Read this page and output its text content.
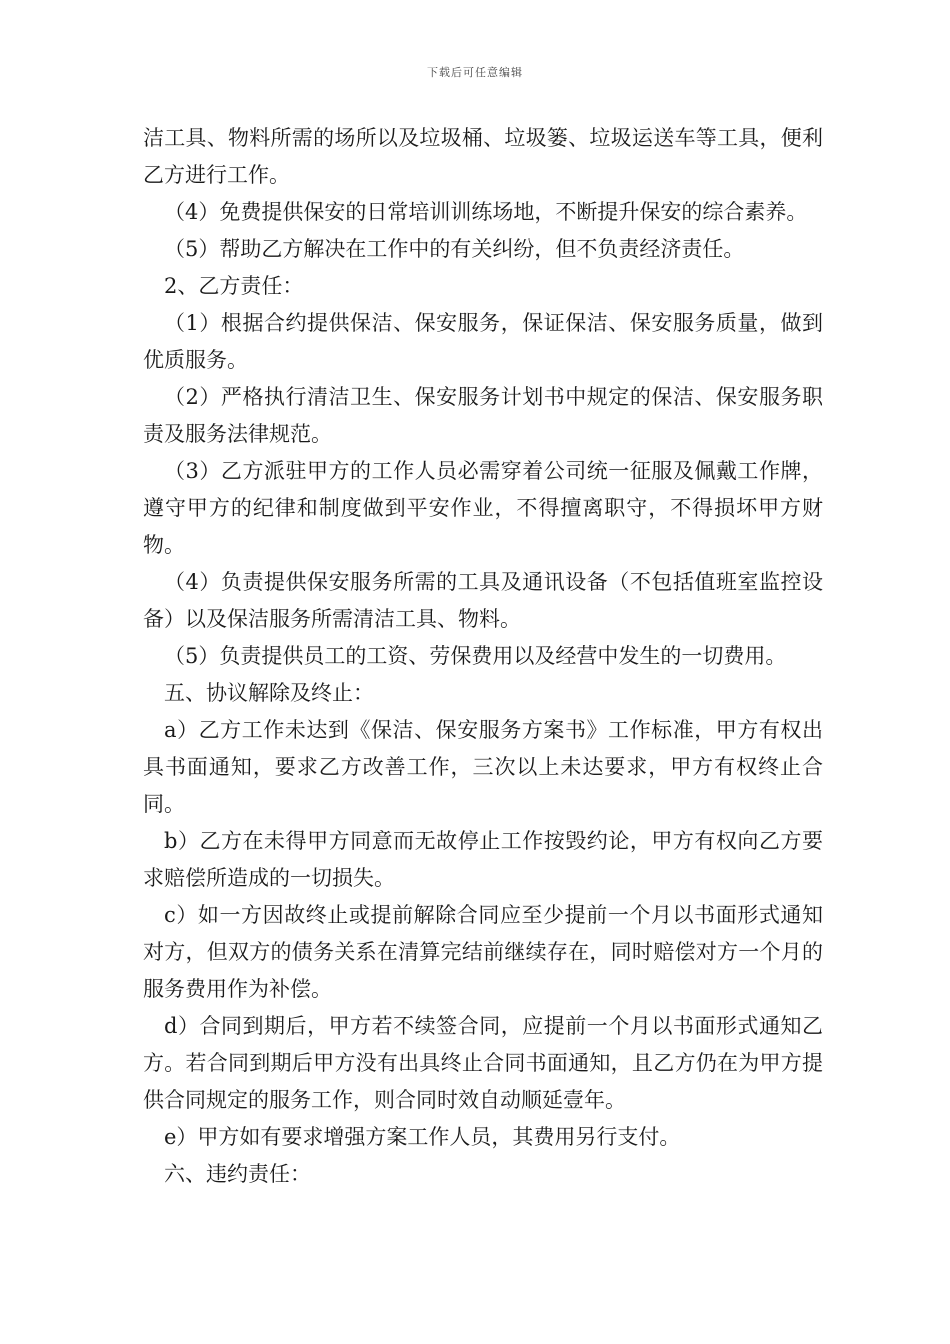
下载后可任意编辑

洁工具、物料所需的场所以及垃圾桶、垃圾篓、垃圾运送车等工具，便利乙方进行工作。

（4）免费提供保安的日常培训训练场地，不断提升保安的综合素养。

（5）帮助乙方解决在工作中的有关纠纷，但不负责经济责任。

2、乙方责任：

（1）根据合约提供保洁、保安服务，保证保洁、保安服务质量，做到优质服务。

（2）严格执行清洁卫生、保安服务计划书中规定的保洁、保安服务职责及服务法律规范。

（3）乙方派驻甲方的工作人员必需穿着公司统一征服及佩戴工作牌，遵守甲方的纪律和制度做到平安作业，不得擅离职守，不得损坏甲方财物。

（4）负责提供保安服务所需的工具及通讯设备（不包括值班室监控设备）以及保洁服务所需清洁工具、物料。

（5）负责提供员工的工资、劳保费用以及经营中发生的一切费用。

五、协议解除及终止：

a）乙方工作未达到《保洁、保安服务方案书》工作标准，甲方有权出具书面通知，要求乙方改善工作，三次以上未达要求，甲方有权终止合同。

b）乙方在未得甲方同意而无故停止工作按毁约论，甲方有权向乙方要求赔偿所造成的一切损失。

c）如一方因故终止或提前解除合同应至少提前一个月以书面形式通知对方，但双方的债务关系在清算完结前继续存在，同时赔偿对方一个月的服务费用作为补偿。

d）合同到期后，甲方若不续签合同，应提前一个月以书面形式通知乙方。若合同到期后甲方没有出具终止合同书面通知，且乙方仍在为甲方提供合同规定的服务工作，则合同时效自动顺延壹年。

e）甲方如有要求增强方案工作人员，其费用另行支付。

六、违约责任：
